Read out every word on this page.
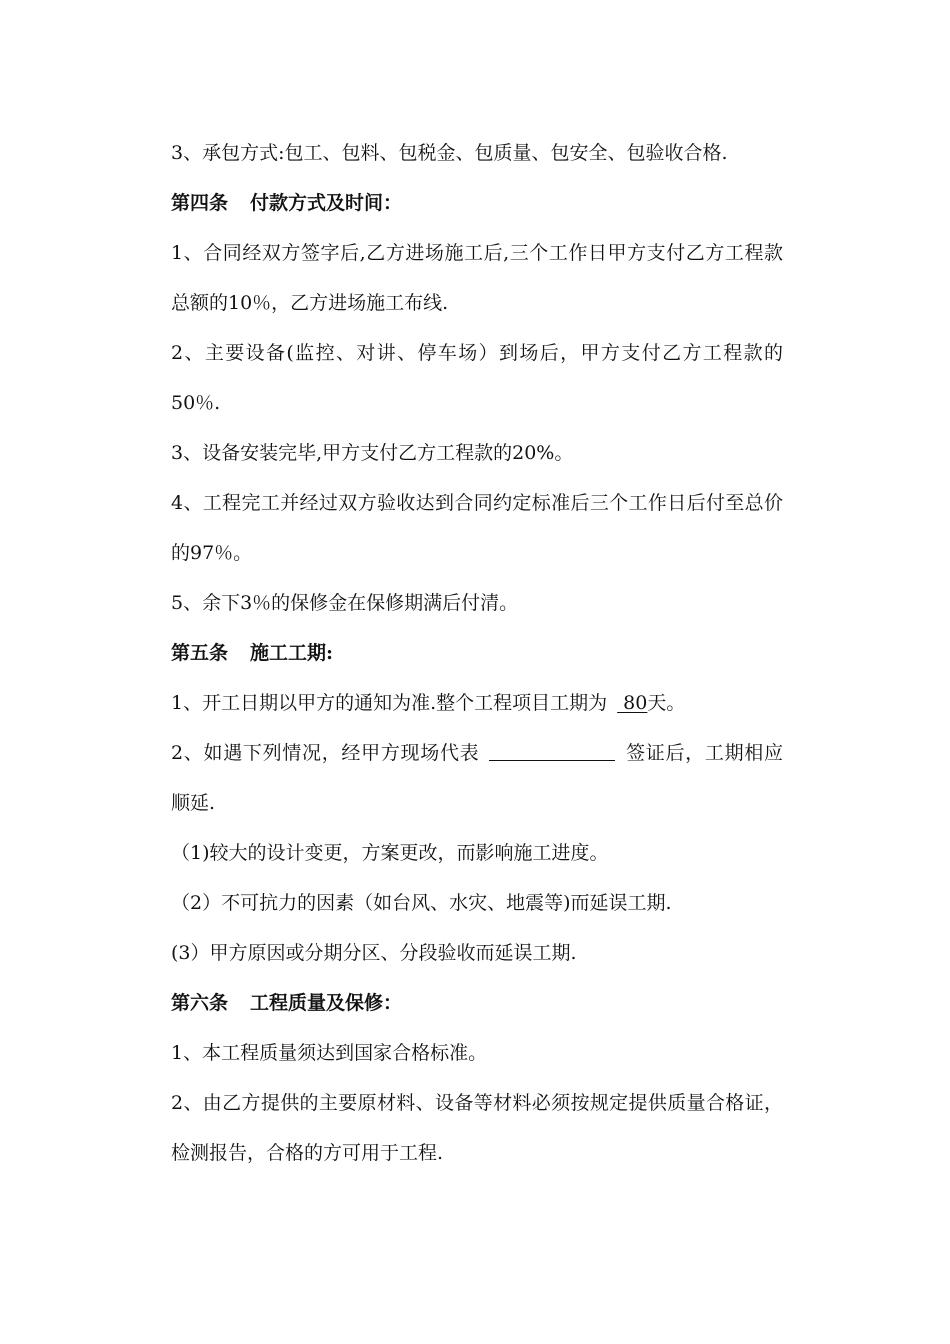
3、承包方式:包工、包料、包税金、包质量、包安全、包验收合格.
第四条 付款方式及时间：
1、合同经双方签字后,乙方进场施工后,三个工作日甲方支付乙方工程款总额的10％，乙方进场施工布线.
2、主要设备(监控、对讲、停车场）到场后，甲方支付乙方工程款的50％.
3、设备安装完毕,甲方支付乙方工程款的20%。
4、工程完工并经过双方验收达到合同约定标准后三个工作日后付至总价的97％。
5、余下3％的保修金在保修期满后付清。
第五条 施工工期:
1、开工日期以甲方的通知为准.整个工程项目工期为 80天。
2、如遇下列情况，经甲方现场代表	签证后，工期相应顺延.
（1)较大的设计变更，方案更改，而影响施工进度。
（2）不可抗力的因素（如台风、水灾、地震等)而延误工期.
(3）甲方原因或分期分区、分段验收而延误工期.
第六条 工程质量及保修：
1、本工程质量须达到国家合格标准。
2、由乙方提供的主要原材料、设备等材料必须按规定提供质量合格证，检测报告，合格的方可用于工程.
